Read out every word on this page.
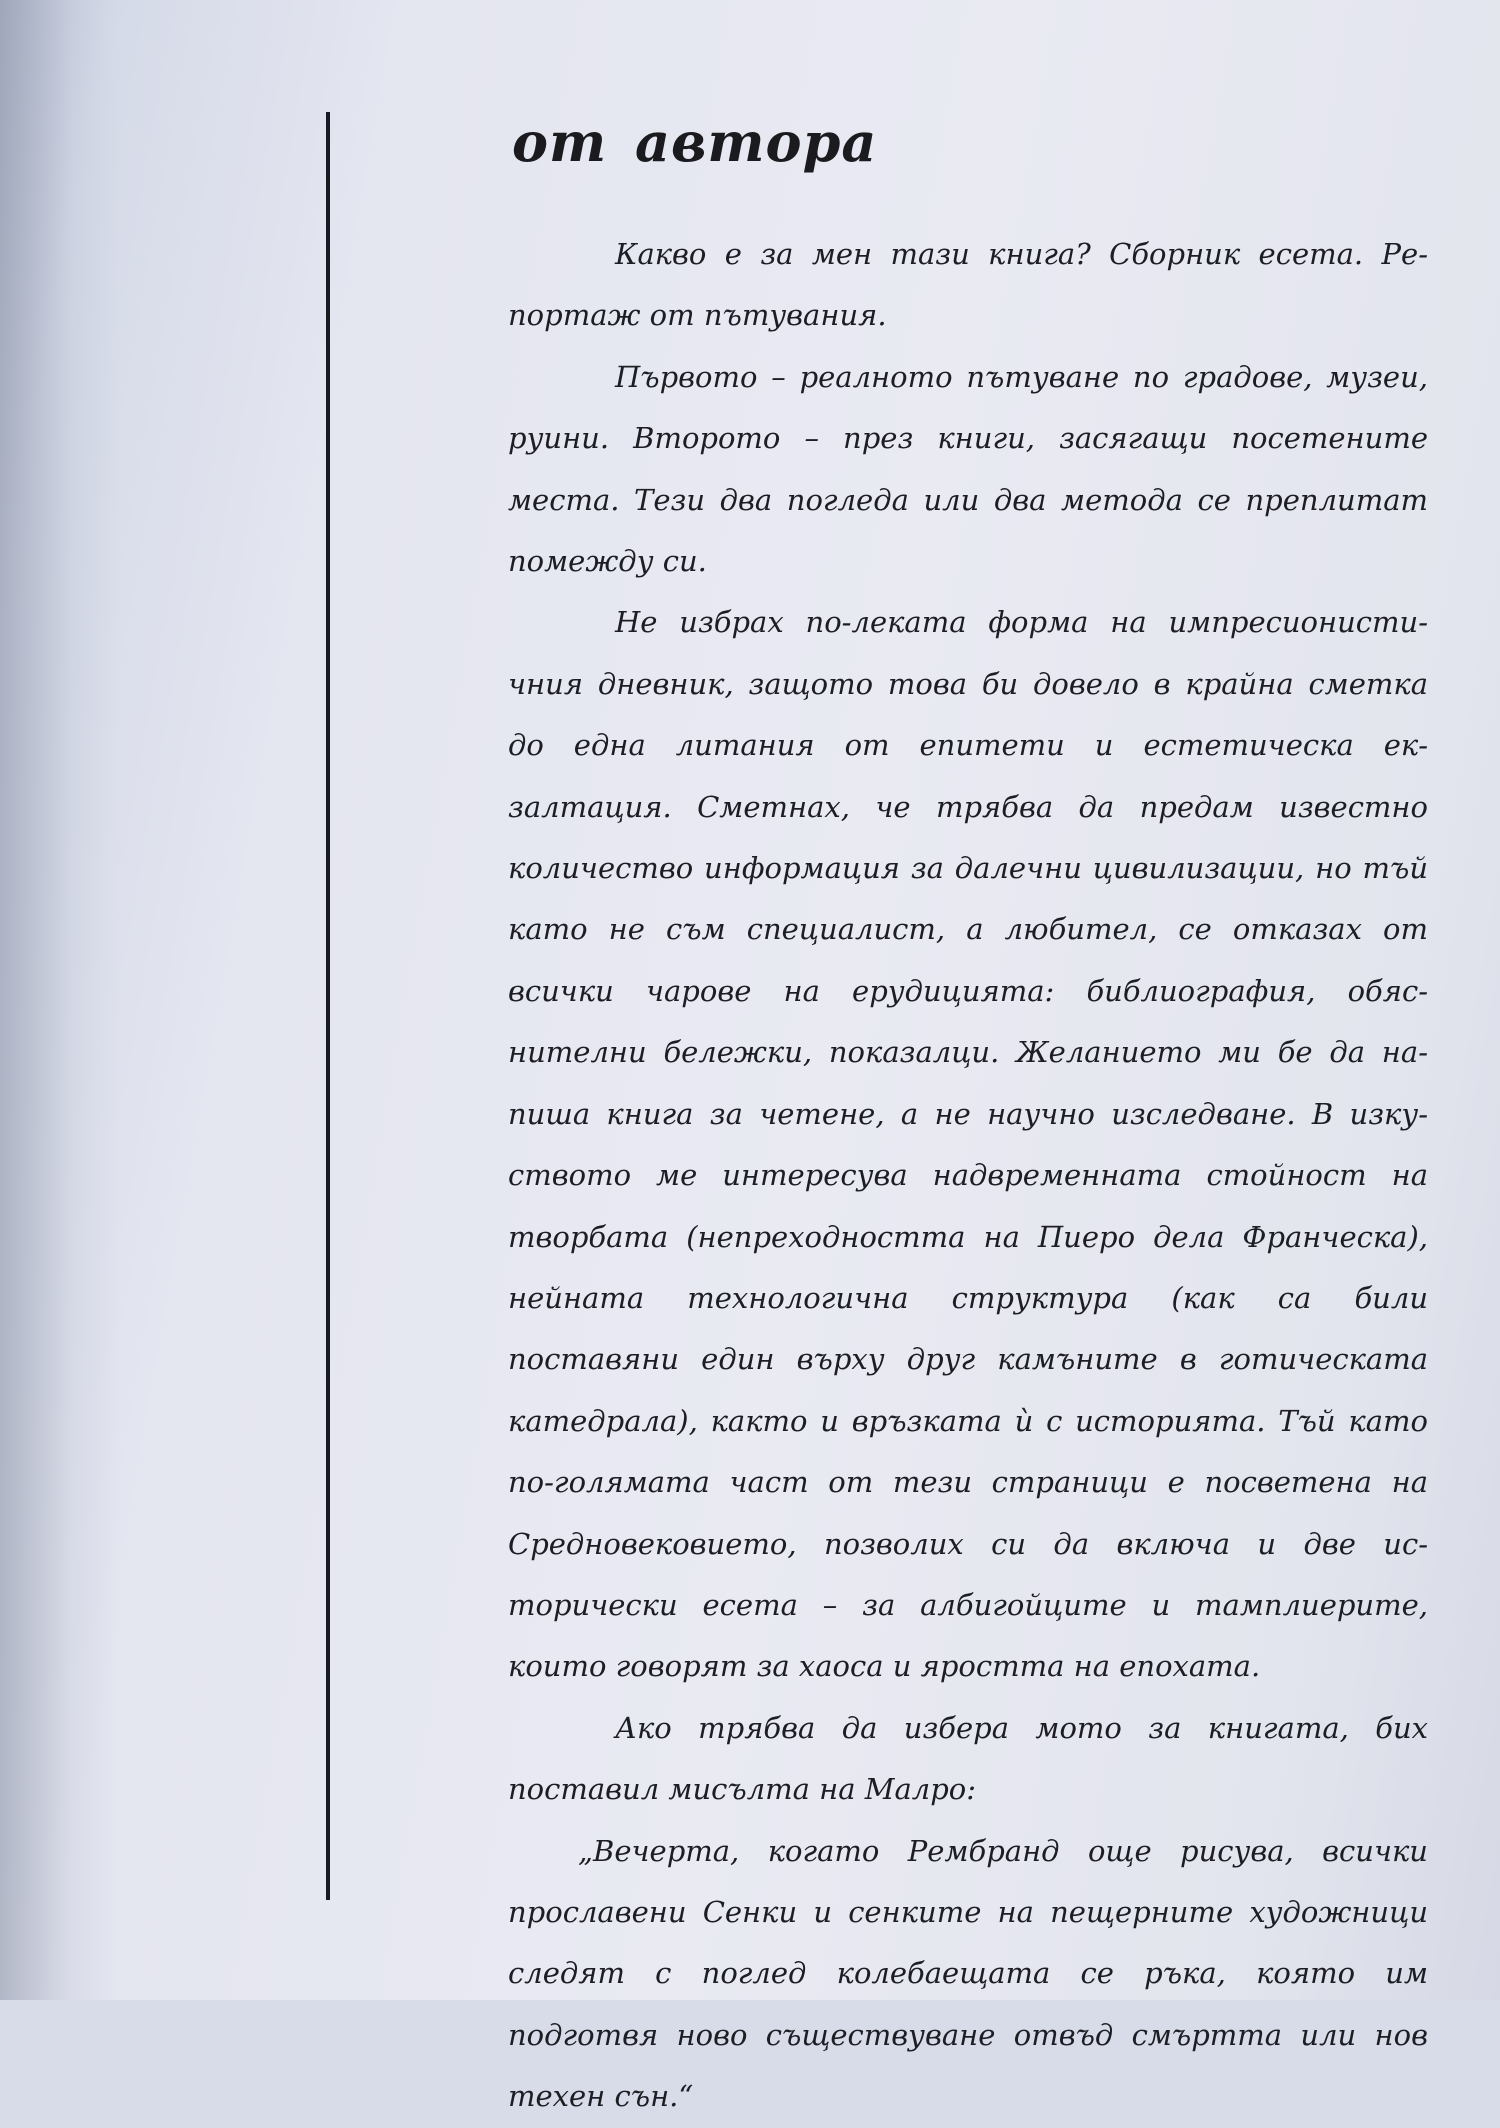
от автора

Какво е за мен тази книга? Сборник есета. Репортаж от пътувания.

Първото – реалното пътуване по градове, музеи, руини. Второто – през книги, засягащи посетените места. Тези два погледа или два метода се преплитат помежду си.

Не избрах по-леката форма на импресионистичния дневник, защото това би довело в крайна сметка до една литания от епитети и естетическа екзалтация. Сметнах, че трябва да предам известно количество информация за далечни цивилизации, но тъй като не съм специалист, а любител, се отказах от всички чарове на ерудицията: библиография, обяснителни бележки, показалци. Желанието ми бе да напиша книга за четене, а не научно изследване. В изкуството ме интересува надвременната стойност на творбата (непреходността на Пиеро дела Франческа), нейната технологична структура (как са били поставяни един върху друг камъните в готическата катедрала), както и връзката ѝ с историята. Тъй като по-голямата част от тези страници е посветена на Средновековието, позволих си да включа и две исторически есета – за албигойците и тамплиерите, които говорят за хаоса и яростта на епохата.

Ако трябва да избера мото за книгата, бих поставил мисълта на Малро:

„Вечерта, когато Рембранд още рисува, всички прославени Сенки и сенките на пещерните художници следят с поглед колебаещата се ръка, която им подготвя ново съществуване отвъд смъртта или нов техен сън.“
